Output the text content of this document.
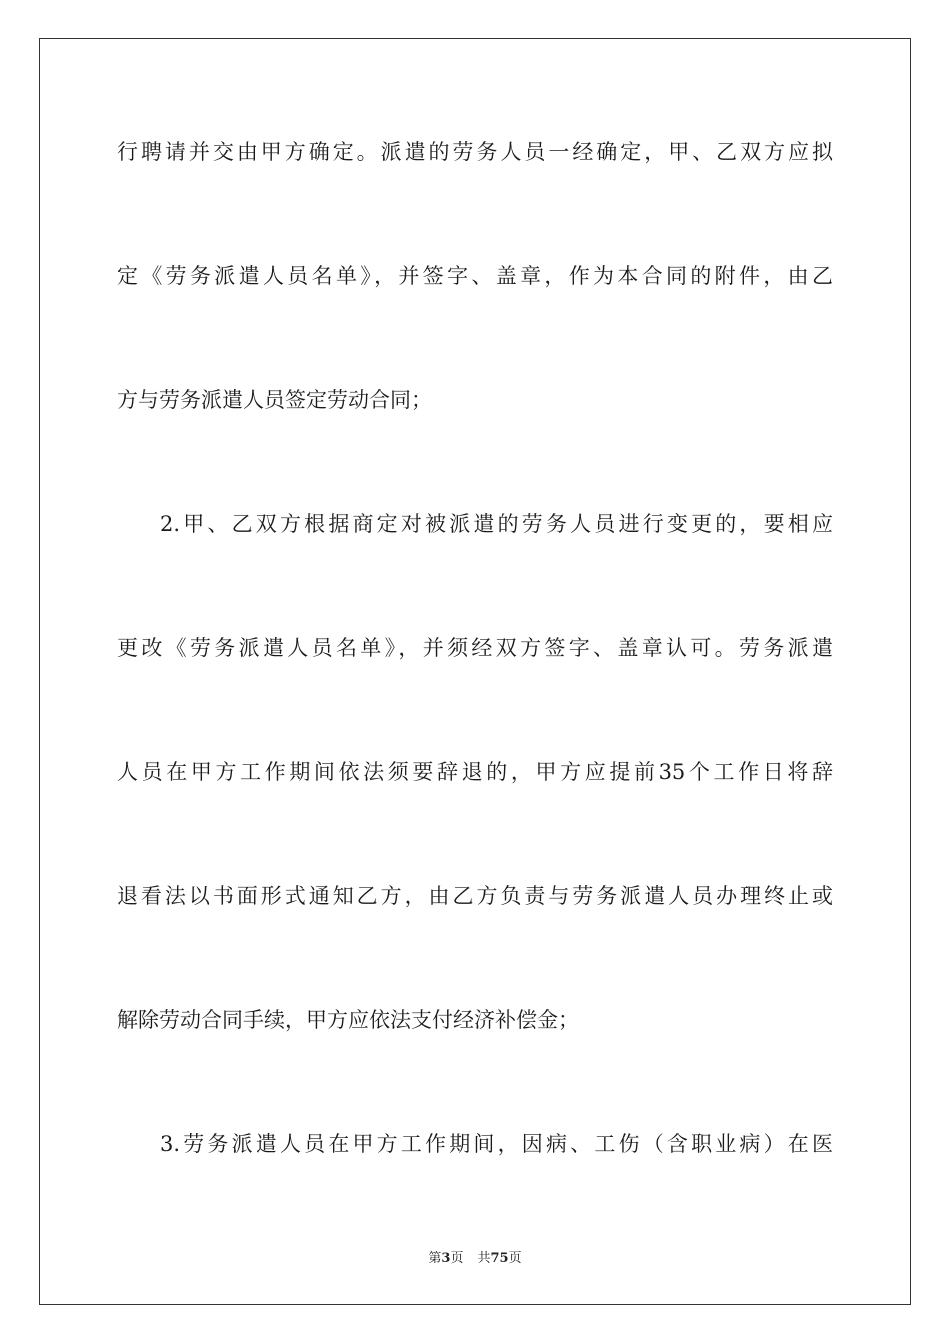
行聘请并交由甲方确定。派遣的劳务人员一经确定，甲、乙双方应拟
定《劳务派遣人员名单》，并签字、盖章，作为本合同的附件，由乙
方与劳务派遣人员签定劳动合同；
2.甲、乙双方根据商定对被派遣的劳务人员进行变更的，要相应
更改《劳务派遣人员名单》，并须经双方签字、盖章认可。劳务派遣
人员在甲方工作期间依法须要辞退的，甲方应提前35个工作日将辞
退看法以书面形式通知乙方，由乙方负责与劳务派遣人员办理终止或
解除劳动合同手续，甲方应依法支付经济补偿金；
3.劳务派遣人员在甲方工作期间，因病、工伤（含职业病）在医
第3页 共75页
